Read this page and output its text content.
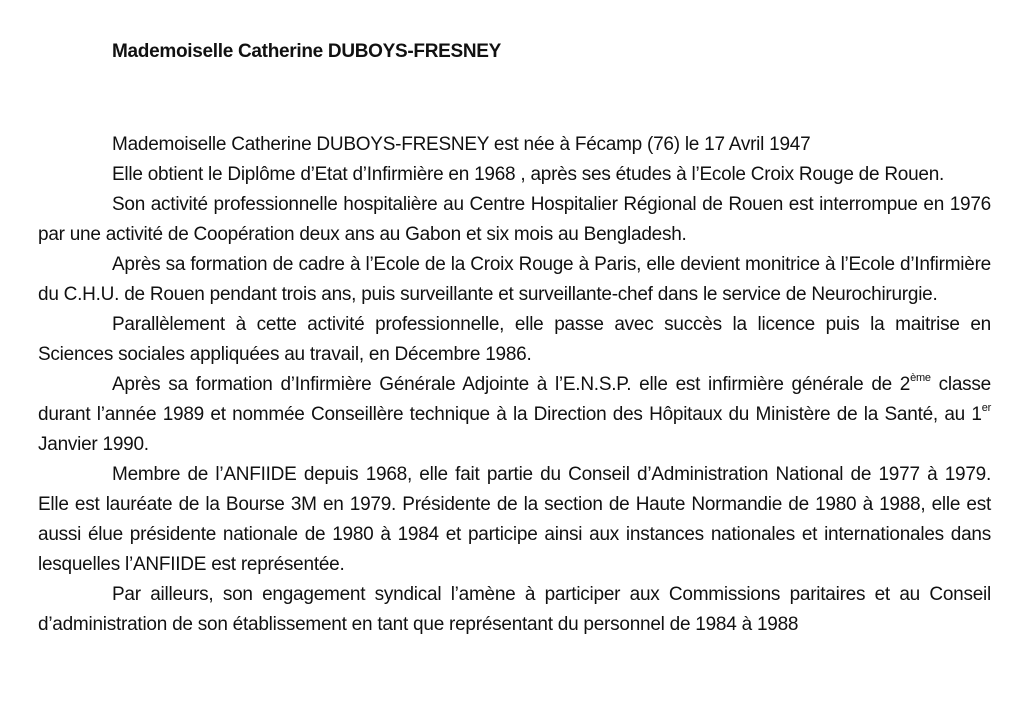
Mademoiselle Catherine DUBOYS-FRESNEY

Mademoiselle Catherine DUBOYS-FRESNEY est née à Fécamp (76) le 17 Avril 1947

Elle obtient le Diplôme d’Etat d’Infirmière en 1968 , après ses études à l’Ecole Croix Rouge de Rouen.

Son activité professionnelle hospitalière au Centre Hospitalier Régional de Rouen est interrompue en 1976 par une activité de Coopération deux ans au Gabon et six mois au Bengladesh.

Après sa formation de cadre à l’Ecole de la Croix Rouge à Paris, elle devient monitrice à l’Ecole d’Infirmière du C.H.U. de Rouen pendant trois ans, puis surveillante et surveillante-chef dans le service de Neurochirurgie.

Parallèlement à cette activité professionnelle, elle passe avec succès la licence puis la maitrise en Sciences sociales appliquées au travail, en Décembre 1986.

Après sa formation d’Infirmière Générale Adjointe à l’E.N.S.P. elle est infirmière générale de 2ème classe durant l’année 1989 et nommée Conseillère technique à la Direction des Hôpitaux du Ministère de la Santé, au 1er Janvier 1990.

Membre de l’ANFIIDE depuis 1968, elle fait partie du Conseil d’Administration National de 1977 à 1979. Elle est lauréate de la Bourse 3M en 1979. Présidente de la section de Haute Normandie de 1980 à 1988, elle est aussi élue présidente nationale de 1980 à 1984 et participe ainsi aux instances nationales et internationales dans lesquelles l’ANFIIDE est représentée.

Par ailleurs, son engagement syndical l’amène à participer aux Commissions paritaires et au Conseil d’administration de son établissement en tant que représentant du personnel de 1984 à 1988
